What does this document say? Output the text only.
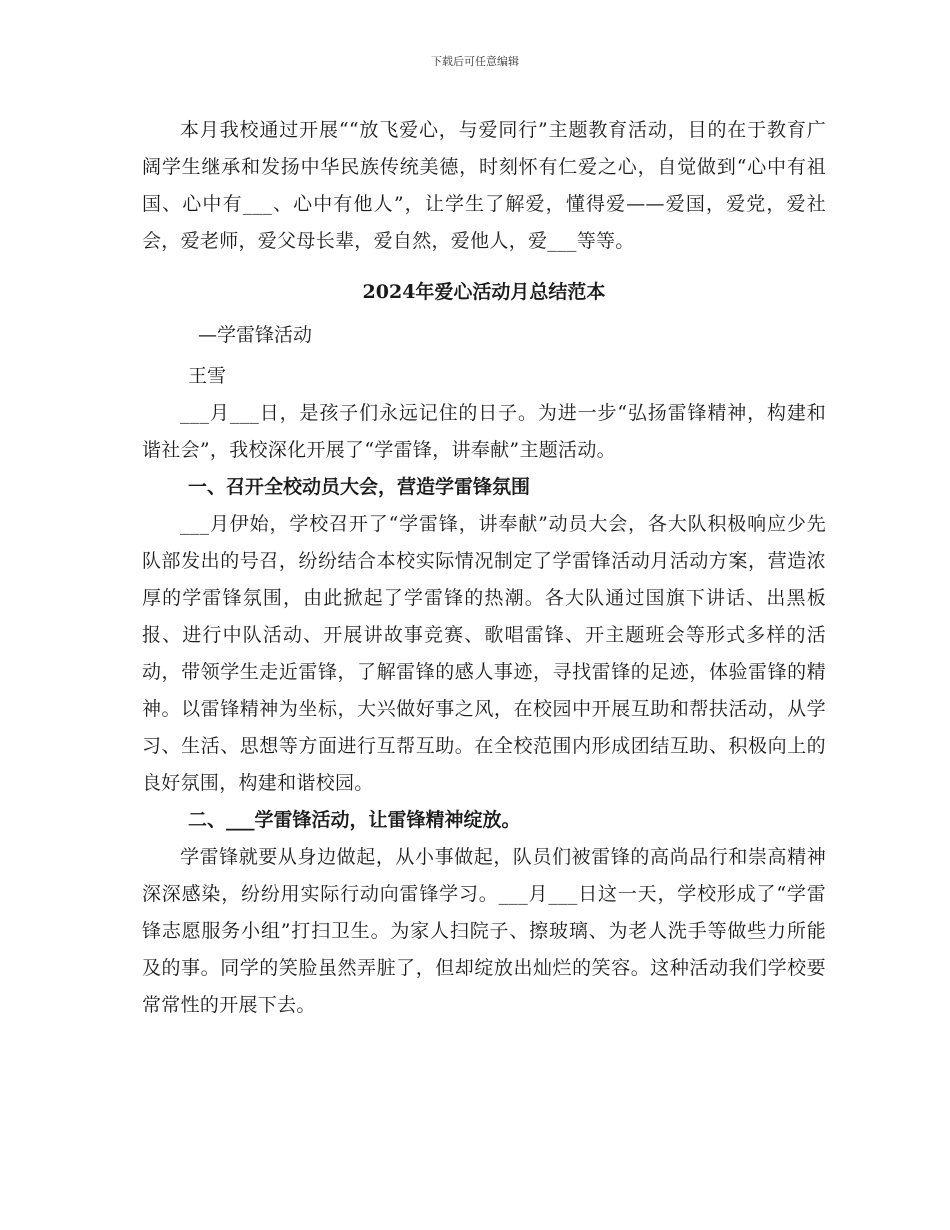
下载后可任意编辑

本月我校通过开展““放飞爱心，与爱同行”主题教育活动，目的在于教育广阔学生继承和发扬中华民族传统美德，时刻怀有仁爱之心，自觉做到“心中有祖国、心中有___、心中有他人”，让学生了解爱，懂得爱——爱国，爱党，爱社会，爱老师，爱父母长辈，爱自然，爱他人，爱___等等。

2024年爱心活动月总结范本

—学雷锋活动

王雪

___月___日，是孩子们永远记住的日子。为进一步“弘扬雷锋精神，构建和谐社会”，我校深化开展了“学雷锋，讲奉献”主题活动。

一、召开全校动员大会，营造学雷锋氛围

___月伊始，学校召开了“学雷锋，讲奉献”动员大会，各大队积极响应少先队部发出的号召，纷纷结合本校实际情况制定了学雷锋活动月活动方案，营造浓厚的学雷锋氛围，由此掀起了学雷锋的热潮。各大队通过国旗下讲话、出黑板报、进行中队活动、开展讲故事竞赛、歌唱雷锋、开主题班会等形式多样的活动，带领学生走近雷锋，了解雷锋的感人事迹，寻找雷锋的足迹，体验雷锋的精神。以雷锋精神为坐标，大兴做好事之风，在校园中开展互助和帮扶活动，从学习、生活、思想等方面进行互帮互助。在全校范围内形成团结互助、积极向上的良好氛围，构建和谐校园。

二、___学雷锋活动，让雷锋精神绽放。

学雷锋就要从身边做起，从小事做起，队员们被雷锋的高尚品行和崇高精神深深感染，纷纷用实际行动向雷锋学习。___月___日这一天，学校形成了“学雷锋志愿服务小组”打扫卫生。为家人扫院子、擦玻璃、为老人洗手等做些力所能及的事。同学的笑脸虽然弄脏了，但却绽放出灿烂的笑容。这种活动我们学校要常常性的开展下去。
